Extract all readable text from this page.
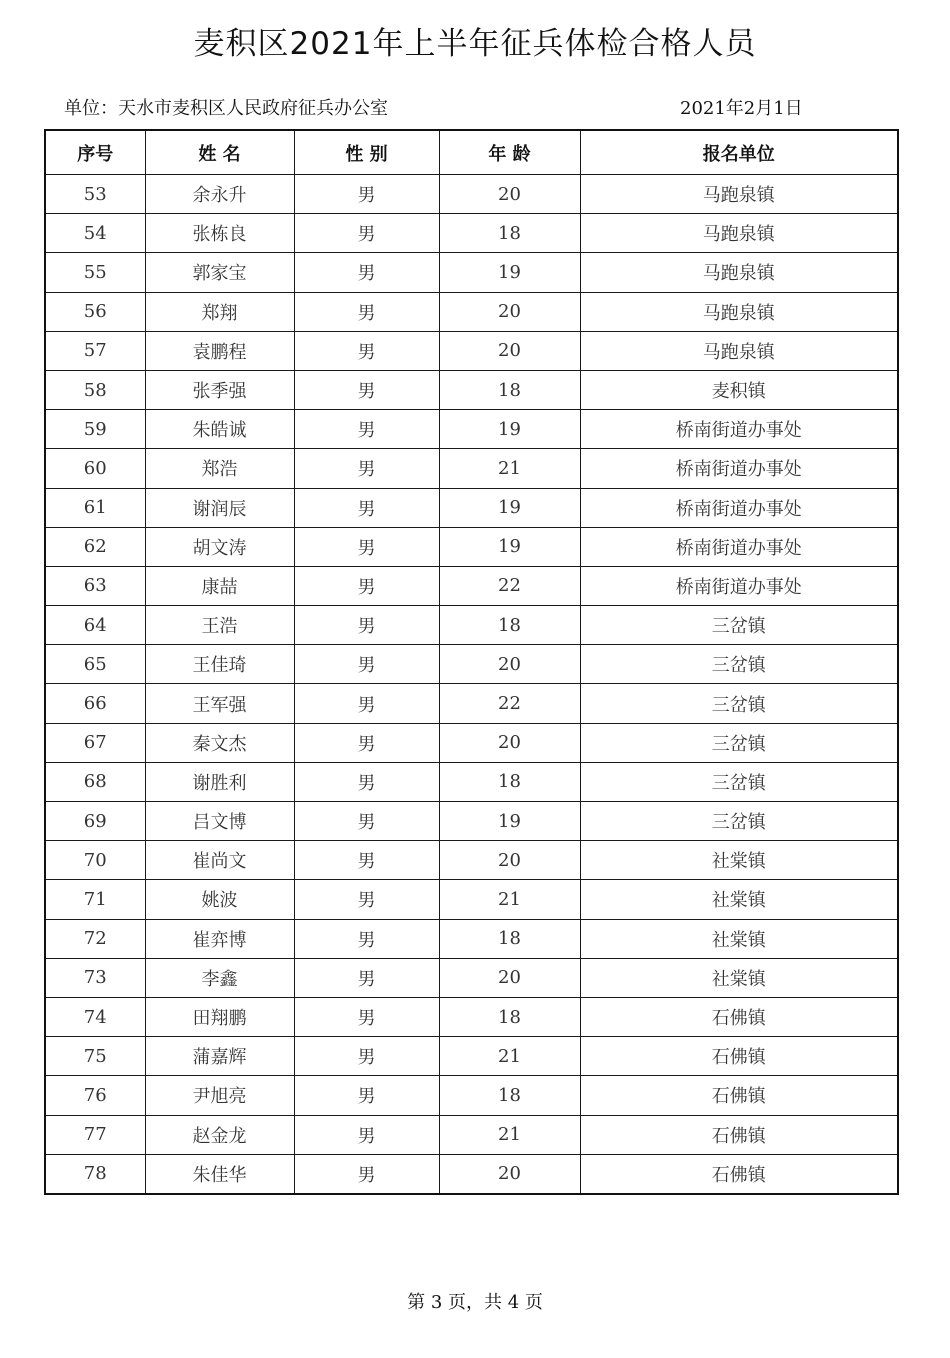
麦积区2021年上半年征兵体检合格人员
单位：天水市麦积区人民政府征兵办公室	2021年2月1日
序号	姓 名	性 别	年 龄	报名单位
53	余永升	男	20	马跑泉镇
54	张栋良	男	18	马跑泉镇
55	郭家宝	男	19	马跑泉镇
56	郑翔	男	20	马跑泉镇
57	袁鹏程	男	20	马跑泉镇
58	张季强	男	18	麦积镇
59	朱皓诚	男	19	桥南街道办事处
60	郑浩	男	21	桥南街道办事处
61	谢润辰	男	19	桥南街道办事处
62	胡文涛	男	19	桥南街道办事处
63	康喆	男	22	桥南街道办事处
64	王浩	男	18	三岔镇
65	王佳琦	男	20	三岔镇
66	王军强	男	22	三岔镇
67	秦文杰	男	20	三岔镇
68	谢胜利	男	18	三岔镇
69	吕文博	男	19	三岔镇
70	崔尚文	男	20	社棠镇
71	姚波	男	21	社棠镇
72	崔弈博	男	18	社棠镇
73	李鑫	男	20	社棠镇
74	田翔鹏	男	18	石佛镇
75	蒲嘉辉	男	21	石佛镇
76	尹旭亮	男	18	石佛镇
77	赵金龙	男	21	石佛镇
78	朱佳华	男	20	石佛镇
第 3 页，共 4 页
